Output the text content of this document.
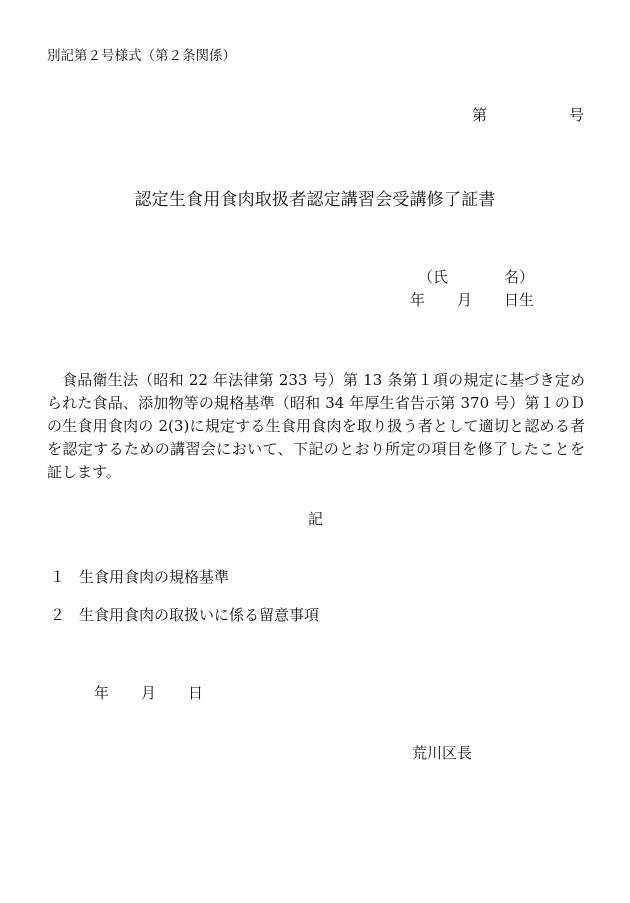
別記第２号様式（第２条関係）
第	号
認定生食用食肉取扱者認定講習会受講修了証書
（氏	名）
年 月 日生
食品衛生法（昭和 22 年法律第 233 号）第 13 条第１項の規定に基づき定められた食品、添加物等の規格基準（昭和 34 年厚生省告示第 370 号）第１のＤの生食用食肉の 2(3)に規定する生食用食肉を取り扱う者として適切と認める者を認定するための講習会において、下記のとおり所定の項目を修了したことを証します。
記
１ 生食用食肉の規格基準
２ 生食用食肉の取扱いに係る留意事項
年 月 日
荒川区長
